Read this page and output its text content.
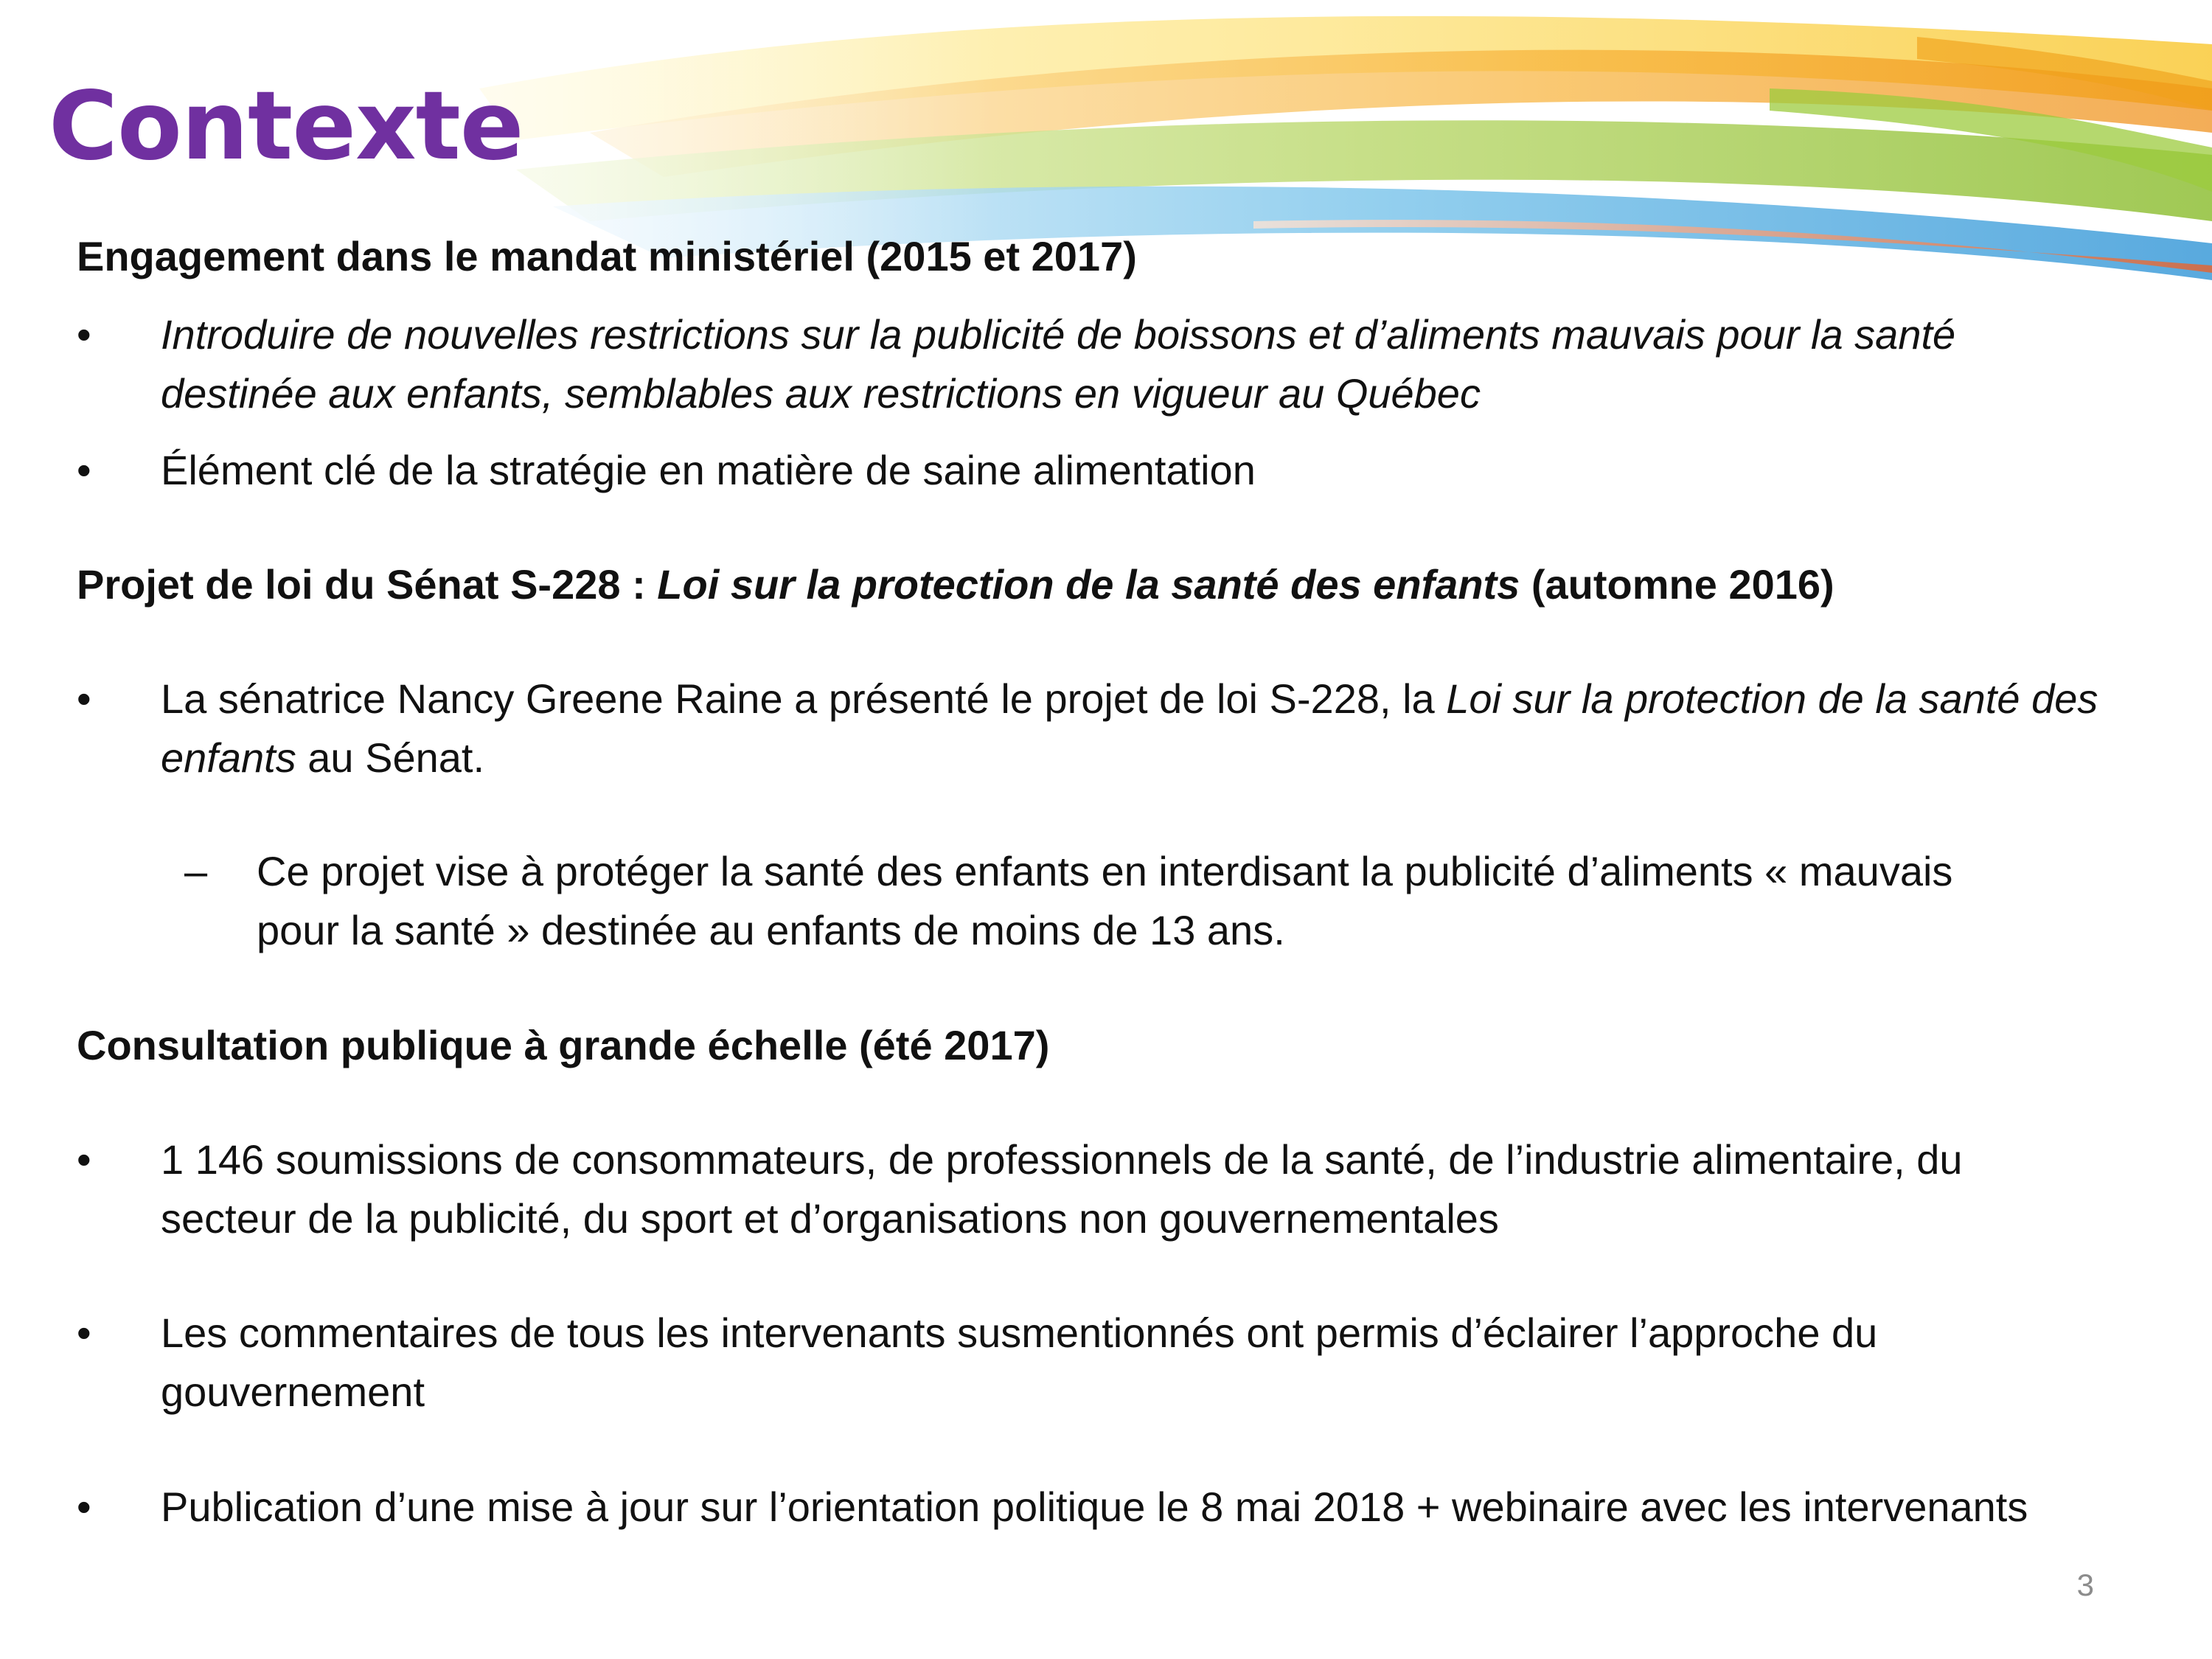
Contexte

Engagement dans le mandat ministériel (2015 et 2017)

•	Introduire de nouvelles restrictions sur la publicité de boissons et d’aliments mauvais pour la santé destinée aux enfants, semblables aux restrictions en vigueur au Québec

•	Élément clé de la stratégie en matière de saine alimentation

Projet de loi du Sénat S-228 : Loi sur la protection de la santé des enfants (automne 2016)

•	La sénatrice Nancy Greene Raine a présenté le projet de loi S-228, la Loi sur la protection de la santé des enfants au Sénat.

– Ce projet vise à protéger la santé des enfants en interdisant la publicité d’aliments « mauvais pour la santé » destinée au enfants de moins de 13 ans.

Consultation publique à grande échelle (été 2017)

•	1 146 soumissions de consommateurs, de professionnels de la santé, de l’industrie alimentaire, du secteur de la publicité, du sport et d’organisations non gouvernementales

•	Les commentaires de tous les intervenants susmentionnés ont permis d’éclairer l’approche du gouvernement

•	Publication d’une mise à jour sur l’orientation politique le 8 mai 2018 + webinaire avec les intervenants

3
